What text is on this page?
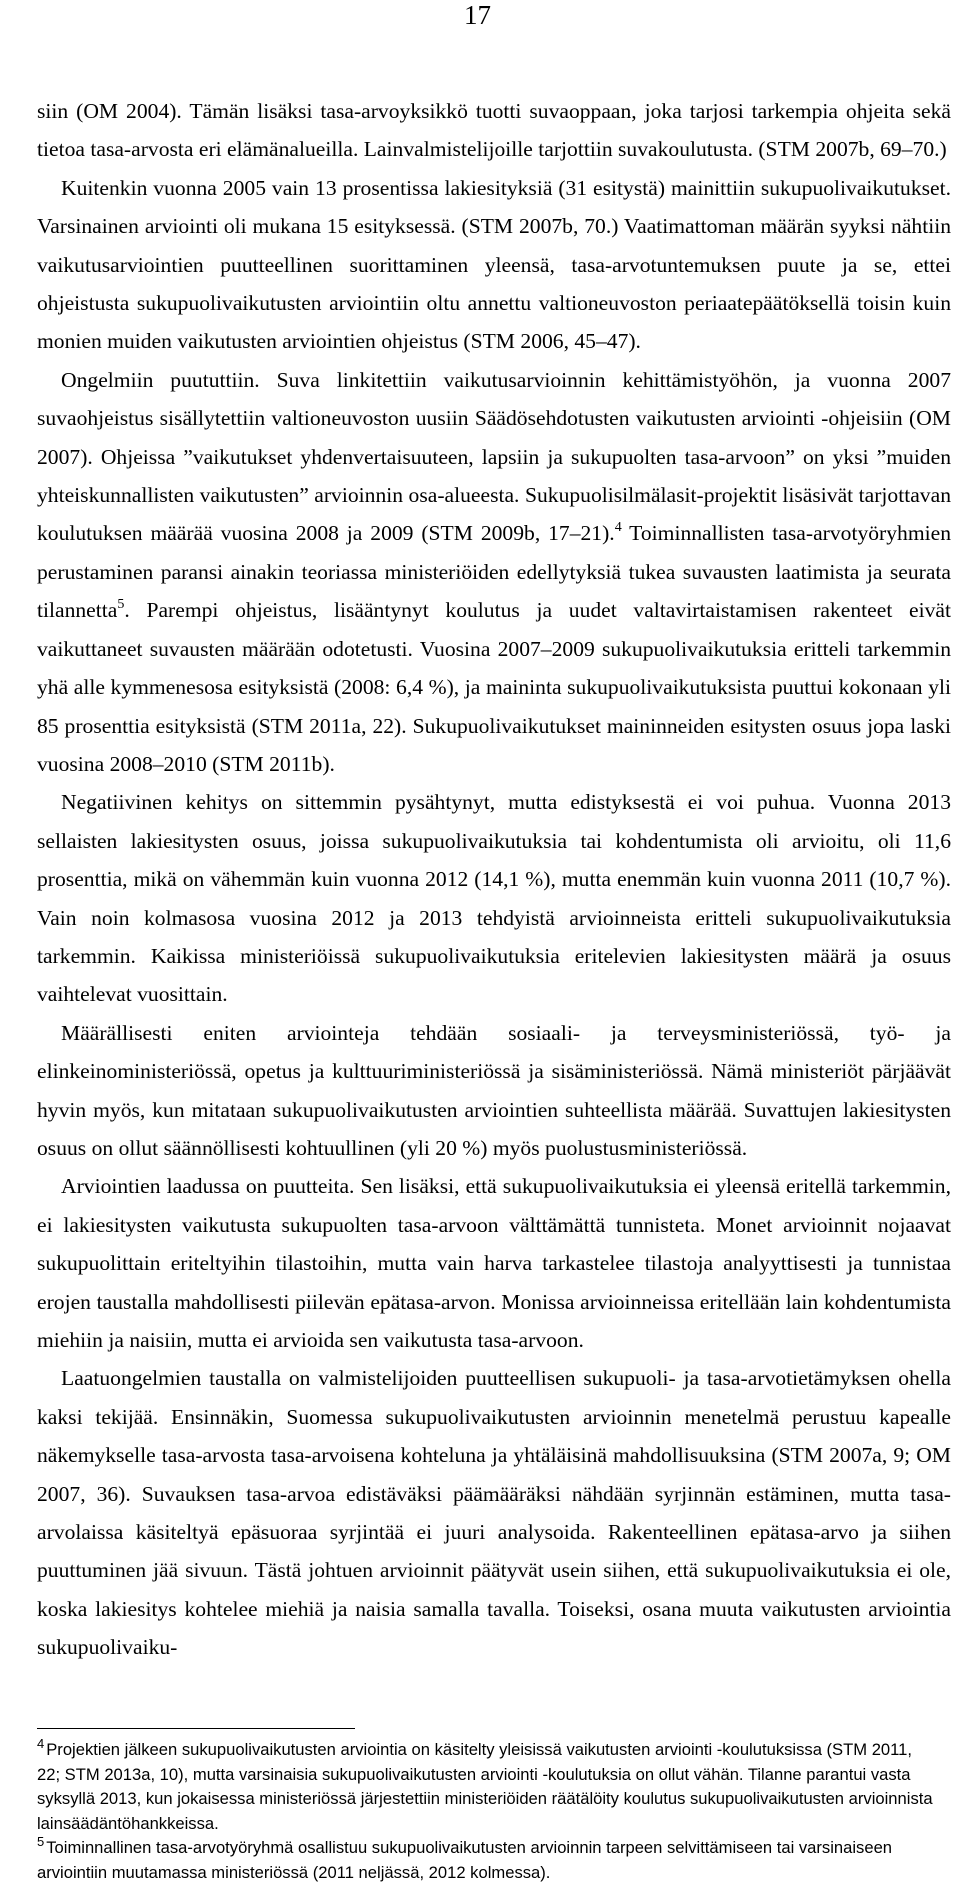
17

siin (OM 2004). Tämän lisäksi tasa-arvoyksikkö tuotti suvaoppaan, joka tarjosi tarkempia ohjeita sekä tietoa tasa-arvosta eri elämänalueilla. Lainvalmistelijoille tarjottiin suvakoulutusta. (STM 2007b, 69–70.)

Kuitenkin vuonna 2005 vain 13 prosentissa lakiesityksiä (31 esitystä) mainittiin sukupuolivaikutukset. Varsinainen arviointi oli mukana 15 esityksessä. (STM 2007b, 70.) Vaatimattoman määrän syyksi nähtiin vaikutusarviointien puutteellinen suorittaminen yleensä, tasa-arvotuntemuksen puute ja se, ettei ohjeistusta sukupuolivaikutusten arviointiin oltu annettu valtioneuvoston periaatepäätöksellä toisin kuin monien muiden vaikutusten arviointien ohjeistus (STM 2006, 45–47).

Ongelmiin puututtiin. Suva linkitettiin vaikutusarvioinnin kehittämistyöhön, ja vuonna 2007 suvaohjeistus sisällytettiin valtioneuvoston uusiin Säädösehdotusten vaikutusten arviointi -ohjeisiin (OM 2007). Ohjeissa ”vaikutukset yhdenvertaisuuteen, lapsiin ja sukupuolten tasa-arvoon” on yksi ”muiden yhteiskunnallisten vaikutusten” arvioinnin osa-alueesta. Sukupuolisilmälasit-projektit lisäsivät tarjottavan koulutuksen määrää vuosina 2008 ja 2009 (STM 2009b, 17–21).$^4$ Toiminnallisten tasa-arvotyöryhmien perustaminen paransi ainakin teoriassa ministeriöiden edellytyksiä tukea suvausten laatimista ja seurata tilannetta$^5$. Parempi ohjeistus, lisääntynyt koulutus ja uudet valtavirtaistamisen rakenteet eivät vaikuttaneet suvausten määrään odotetusti. Vuosina 2007–2009 sukupuolivaikutuksia eritteli tarkemmin yhä alle kymmenesosa esityksistä (2008: 6,4 %), ja maininta sukupuolivaikutuksista puuttui kokonaan yli 85 prosenttia esityksistä (STM 2011a, 22). Sukupuolivaikutukset maininneiden esitysten osuus jopa laski vuosina 2008–2010 (STM 2011b).

Negatiivinen kehitys on sittemmin pysähtynyt, mutta edistyksestä ei voi puhua. Vuonna 2013 sellaisten lakiesitysten osuus, joissa sukupuolivaikutuksia tai kohdentumista oli arvioitu, oli 11,6 prosenttia, mikä on vähemmän kuin vuonna 2012 (14,1 %), mutta enemmän kuin vuonna 2011 (10,7 %). Vain noin kolmasosa vuosina 2012 ja 2013 tehdyistä arvioinneista eritteli sukupuolivaikutuksia tarkemmin. Kaikissa ministeriöissä sukupuolivaikutuksia eritelevien lakiesitysten määrä ja osuus vaihtelevat vuosittain.

Määrällisesti eniten arviointeja tehdään sosiaali- ja terveysministeriössä, työ- ja elinkeinoministeriössä, opetus ja kulttuuriministeriössä ja sisäministeriössä. Nämä ministeriöt pärjäävät hyvin myös, kun mitataan sukupuolivaikutusten arviointien suhteellista määrää. Suvattujen lakiesitysten osuus on ollut säännöllisesti kohtuullinen (yli 20 %) myös puolustusministeriössä.

Arviointien laadussa on puutteita. Sen lisäksi, että sukupuolivaikutuksia ei yleensä eritellä tarkemmin, ei lakiesitysten vaikutusta sukupuolten tasa-arvoon välttämättä tunnisteta. Monet arvioinnit nojaavat sukupuolittain eriteltyihin tilastoihin, mutta vain harva tarkastelee tilastoja analyyttisesti ja tunnistaa erojen taustalla mahdollisesti piilevän epätasa-arvon. Monissa arvioinneissa eritellään lain kohdentumista miehiin ja naisiin, mutta ei arvioida sen vaikutusta tasa-arvoon.

Laatuongelmien taustalla on valmistelijoiden puutteellisen sukupuoli- ja tasa-arvotietämyksen ohella kaksi tekijää. Ensinnäkin, Suomessa sukupuolivaikutusten arvioinnin menetelmä perustuu kapealle näkemykselle tasa-arvosta tasa-arvoisena kohteluna ja yhtäläisinä mahdollisuuksina (STM 2007a, 9; OM 2007, 36). Suvauksen tasa-arvoa edistäväksi päämääräksi nähdään syrjinnän estäminen, mutta tasa-arvolaissa käsiteltyä epäsuoraa syrjintää ei juuri analysoida. Rakenteellinen epätasa-arvo ja siihen puuttuminen jää sivuun. Tästä johtuen arvioinnit päätyvät usein siihen, että sukupuolivaikutuksia ei ole, koska lakiesitys kohtelee miehiä ja naisia samalla tavalla. Toiseksi, osana muuta vaikutusten arviointia sukupuolivaiku-

$^4$ Projektien jälkeen sukupuolivaikutusten arviointia on käsitelty yleisissä vaikutusten arviointi -koulutuksissa (STM 2011, 22; STM 2013a, 10), mutta varsinaisia sukupuolivaikutusten arviointi -koulutuksia on ollut vähän. Tilanne parantui vasta syksyllä 2013, kun jokaisessa ministeriössä järjestettiin ministeriöiden räätälöity koulutus sukupuolivaikutusten arvioinnista lainsäädäntöhankkeissa.

$^5$ Toiminnallinen tasa-arvotyöryhmä osallistuu sukupuolivaikutusten arvioinnin tarpeen selvittämiseen tai varsinaiseen arviointiin muutamassa ministeriössä (2011 neljässä, 2012 kolmessa).
